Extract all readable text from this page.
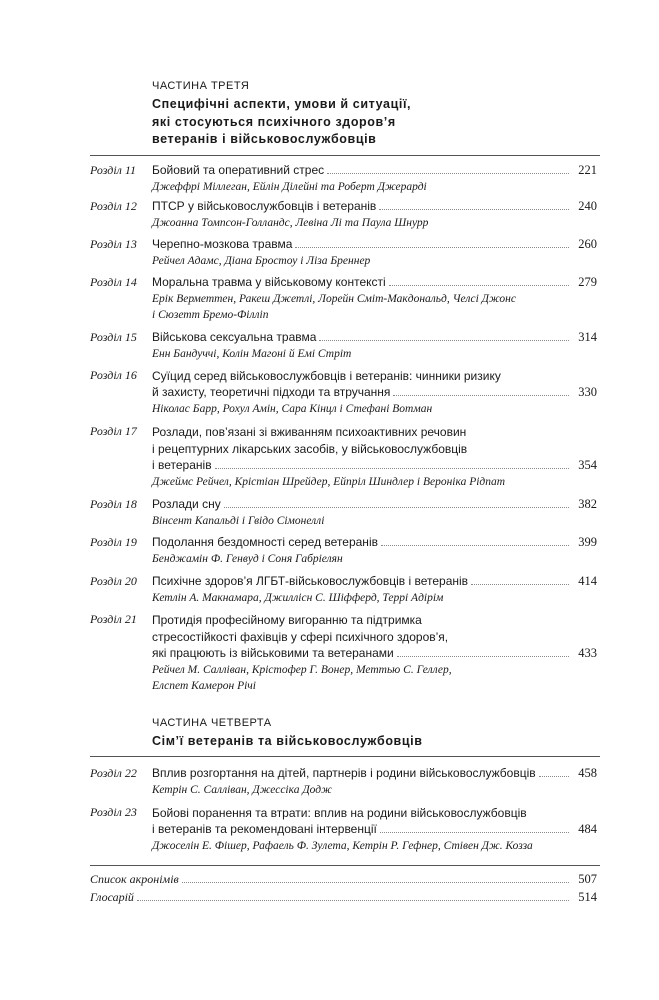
ЧАСТИНА ТРЕТЯ
Специфічні аспекти, умови й ситуації,
які стосуються психічного здоров’я
ветеранів і військовослужбовців
Розділ 11	Бойовий та оперативний стрес	221
Джеффрі Міллеган, Ейлін Ділейні та Роберт Джерарді
Розділ 12	ПТСР у військовослужбовців і ветеранів	240
Джоанна Томпсон-Голландс, Левіна Лі та Паула Шнурр
Розділ 13	Черепно-мозкова травма	260
Рейчел Адамс, Діана Бростоу і Ліза Бреннер
Розділ 14	Моральна травма у військовому контексті	279
Ерік Верметтен, Ракеш Джетлі, Лорейн Сміт-Макдональд, Челсі Джонс
і Сюзетт Бремо-Філліп
Розділ 15	Військова сексуальна травма	314
Енн Бандуччі, Колін Магоні й Емі Стріт
Розділ 16	Суїцид серед військовослужбовців і ветеранів: чинники ризику
й захисту, теоретичні підходи та втручання	330
Ніколас Барр, Рохул Амін, Сара Кінцл і Стефані Вотман
Розділ 17	Розлади, пов’язані зі вживанням психоактивних речовин
і рецептурних лікарських засобів, у військовослужбовців
і ветеранів	354
Джеймс Рейчел, Крістіан Шрейдер, Ейпріл Шиндлер і Вероніка Рідпат
Розділ 18	Розлади сну	382
Вінсент Капальді і Гвідо Сімонеллі
Розділ 19	Подолання бездомності серед ветеранів	399
Бенджамін Ф. Генвуд і Соня Габріелян
Розділ 20	Психічне здоров’я ЛГБТ-військовослужбовців і ветеранів	414
Кетлін А. Макнамара, Джиллісн С. Шіфферд, Террі Адірім
Розділ 21	Протидія професійному вигоранню та підтримка
стресостійкості фахівців у сфері психічного здоров’я,
які працюють із військовими та ветеранами	433
Рейчел М. Салліван, Крістофер Г. Вонер, Меттью С. Геллер,
Елспет Камерон Річі
ЧАСТИНА ЧЕТВЕРТА
Сім’ї ветеранів та військовослужбовців
Розділ 22	Вплив розгортання на дітей, партнерів і родини військовослужбовців	458
Кетрін С. Салліван, Джессіка Додж
Розділ 23	Бойові поранення та втрати: вплив на родини військовослужбовців
і ветеранів та рекомендовані інтервенції	484
Джоселін Е. Фішер, Рафаель Ф. Зулета, Кетрін Р. Гефнер, Стівен Дж. Козза
Список акронімів	507
Глосарій	514
